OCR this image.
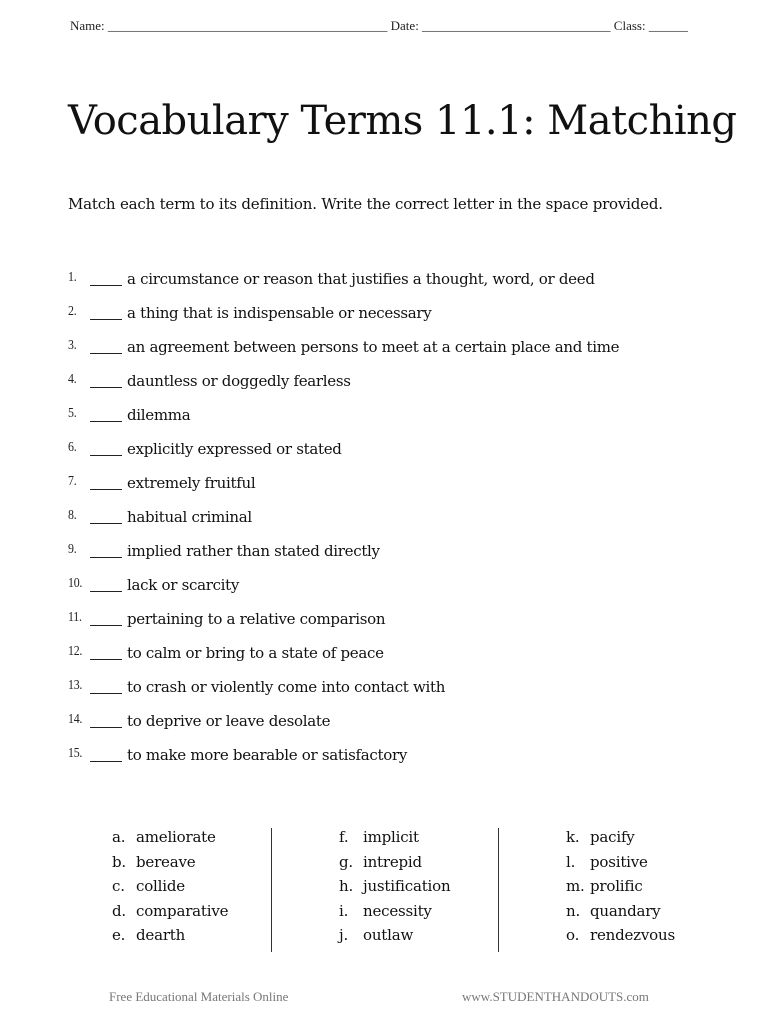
Name: ___________________________________________ Date: _____________________________ Class: ______
Vocabulary Terms 11.1: Matching
Match each term to its definition. Write the correct letter in the space provided.
1.	a circumstance or reason that justifies a thought, word, or deed
2.	a thing that is indispensable or necessary
3.	an agreement between persons to meet at a certain place and time
4.	dauntless or doggedly fearless
5.	dilemma
6.	explicitly expressed or stated
7.	extremely fruitful
8.	habitual criminal
9.	implied rather than stated directly
10.	lack or scarcity
11.	pertaining to a relative comparison
12.	to calm or bring to a state of peace
13.	to crash or violently come into contact with
14.	to deprive or leave desolate
15.	to make more bearable or satisfactory
a. ameliorate
b. bereave
c. collide
d. comparative
e. dearth
f. implicit
g. intrepid
h. justification
i. necessity
j. outlaw
k. pacify
l. positive
m. prolific
n. quandary
o. rendezvous
Free Educational Materials Online	www.STUDENTHANDOUTS.com
